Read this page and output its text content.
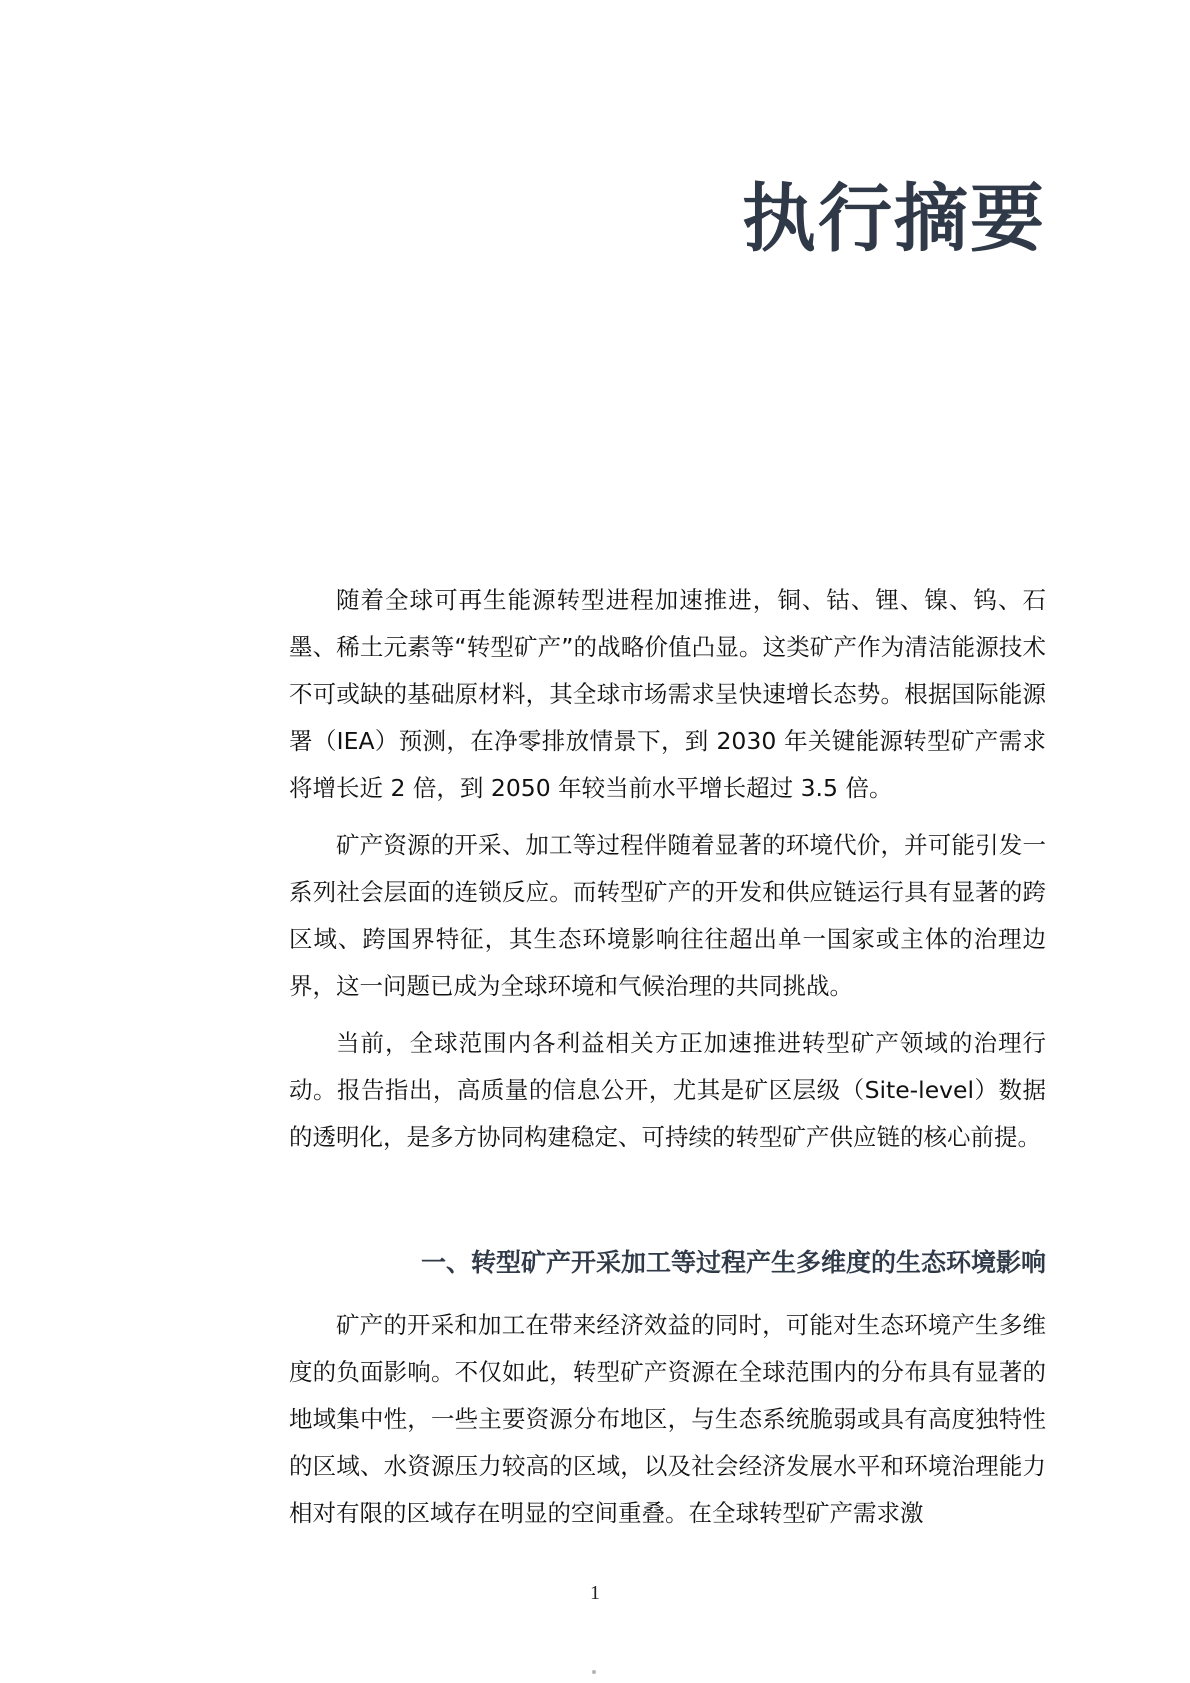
执行摘要

随着全球可再生能源转型进程加速推进，铜、钴、锂、镍、钨、石墨、稀土元素等“转型矿产”的战略价值凸显。这类矿产作为清洁能源技术不可或缺的基础原材料，其全球市场需求呈快速增长态势。根据国际能源署（IEA）预测，在净零排放情景下，到 2030 年关键能源转型矿产需求将增长近 2 倍，到 2050 年较当前水平增长超过 3.5 倍。

矿产资源的开采、加工等过程伴随着显著的环境代价，并可能引发一系列社会层面的连锁反应。而转型矿产的开发和供应链运行具有显著的跨区域、跨国界特征，其生态环境影响往往超出单一国家或主体的治理边界，这一问题已成为全球环境和气候治理的共同挑战。

当前，全球范围内各利益相关方正加速推进转型矿产领域的治理行动。报告指出，高质量的信息公开，尤其是矿区层级（Site-level）数据的透明化，是多方协同构建稳定、可持续的转型矿产供应链的核心前提。

一、转型矿产开采加工等过程产生多维度的生态环境影响

矿产的开采和加工在带来经济效益的同时，可能对生态环境产生多维度的负面影响。不仅如此，转型矿产资源在全球范围内的分布具有显著的地域集中性，一些主要资源分布地区，与生态系统脆弱或具有高度独特性的区域、水资源压力较高的区域，以及社会经济发展水平和环境治理能力相对有限的区域存在明显的空间重叠。在全球转型矿产需求激

1
